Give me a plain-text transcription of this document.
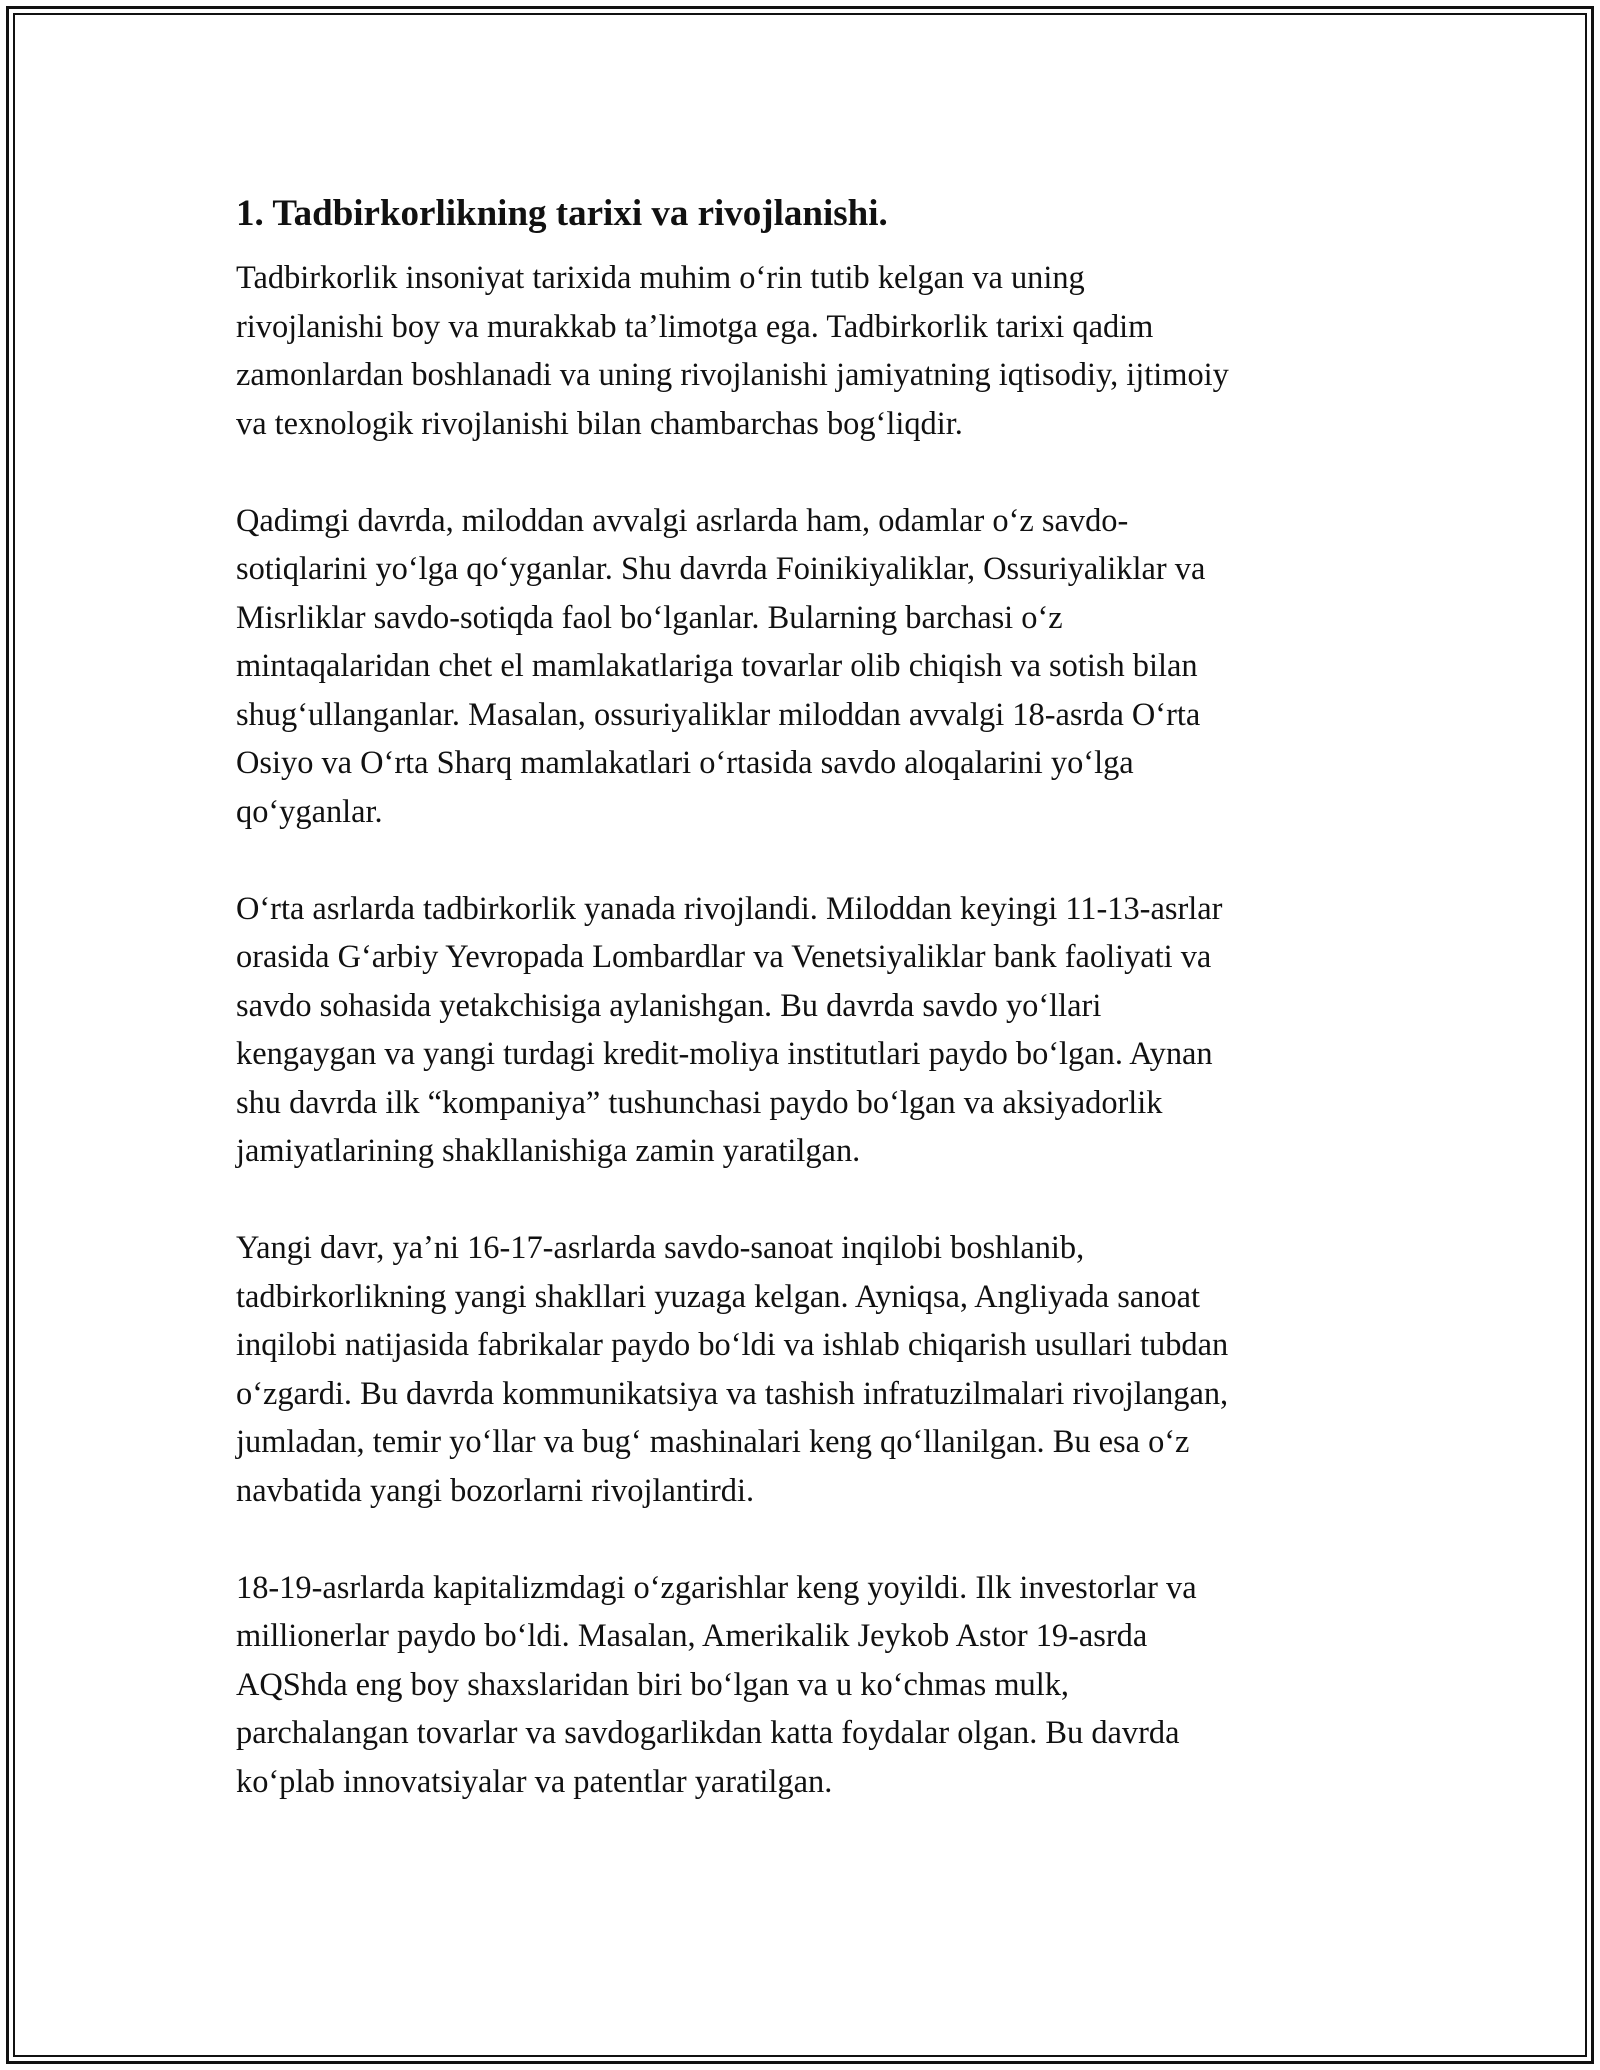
1. Tadbirkorlikning tarixi va rivojlanishi.

Tadbirkorlik insoniyat tarixida muhim oʻrin tutib kelgan va uning
rivojlanishi boy va murakkab taʼlimotga ega. Tadbirkorlik tarixi qadim
zamonlardan boshlanadi va uning rivojlanishi jamiyatning iqtisodiy, ijtimoiy
va texnologik rivojlanishi bilan chambarchas bogʻliqdir.

Qadimgi davrda, miloddan avvalgi asrlarda ham, odamlar oʻz savdo-
sotiqlarini yoʻlga qoʻyganlar. Shu davrda Foinikiyaliklar, Ossuriyaliklar va
Misrliklar savdo-sotiqda faol boʻlganlar. Bularning barchasi oʻz
mintaqalaridan chet el mamlakatlariga tovarlar olib chiqish va sotish bilan
shugʻullanganlar. Masalan, ossuriyaliklar miloddan avvalgi 18-asrda Oʻrta
Osiyo va Oʻrta Sharq mamlakatlari oʻrtasida savdo aloqalarini yoʻlga
qoʻyganlar.

Oʻrta asrlarda tadbirkorlik yanada rivojlandi. Miloddan keyingi 11-13-asrlar
orasida Gʻarbiy Yevropada Lombardlar va Venetsiyaliklar bank faoliyati va
savdo sohasida yetakchisiga aylanishgan. Bu davrda savdo yoʻllari
kengaygan va yangi turdagi kredit-moliya institutlari paydo boʻlgan. Aynan
shu davrda ilk “kompaniya” tushunchasi paydo boʻlgan va aksiyadorlik
jamiyatlarining shakllanishiga zamin yaratilgan.

Yangi davr, yaʼni 16-17-asrlarda savdo-sanoat inqilobi boshlanib,
tadbirkorlikning yangi shakllari yuzaga kelgan. Ayniqsa, Angliyada sanoat
inqilobi natijasida fabrikalar paydo boʻldi va ishlab chiqarish usullari tubdan
oʻzgardi. Bu davrda kommunikatsiya va tashish infratuzilmalari rivojlangan,
jumladan, temir yoʻllar va bugʻ mashinalari keng qoʻllanilgan. Bu esa oʻz
navbatida yangi bozorlarni rivojlantirdi.

18-19-asrlarda kapitalizmdagi oʻzgarishlar keng yoyildi. Ilk investorlar va
millionerlar paydo boʻldi. Masalan, Amerikalik Jeykob Astor 19-asrda
AQShda eng boy shaxslaridan biri boʻlgan va u koʻchmas mulk,
parchalangan tovarlar va savdogarlikdan katta foydalar olgan. Bu davrda
koʻplab innovatsiyalar va patentlar yaratilgan.
